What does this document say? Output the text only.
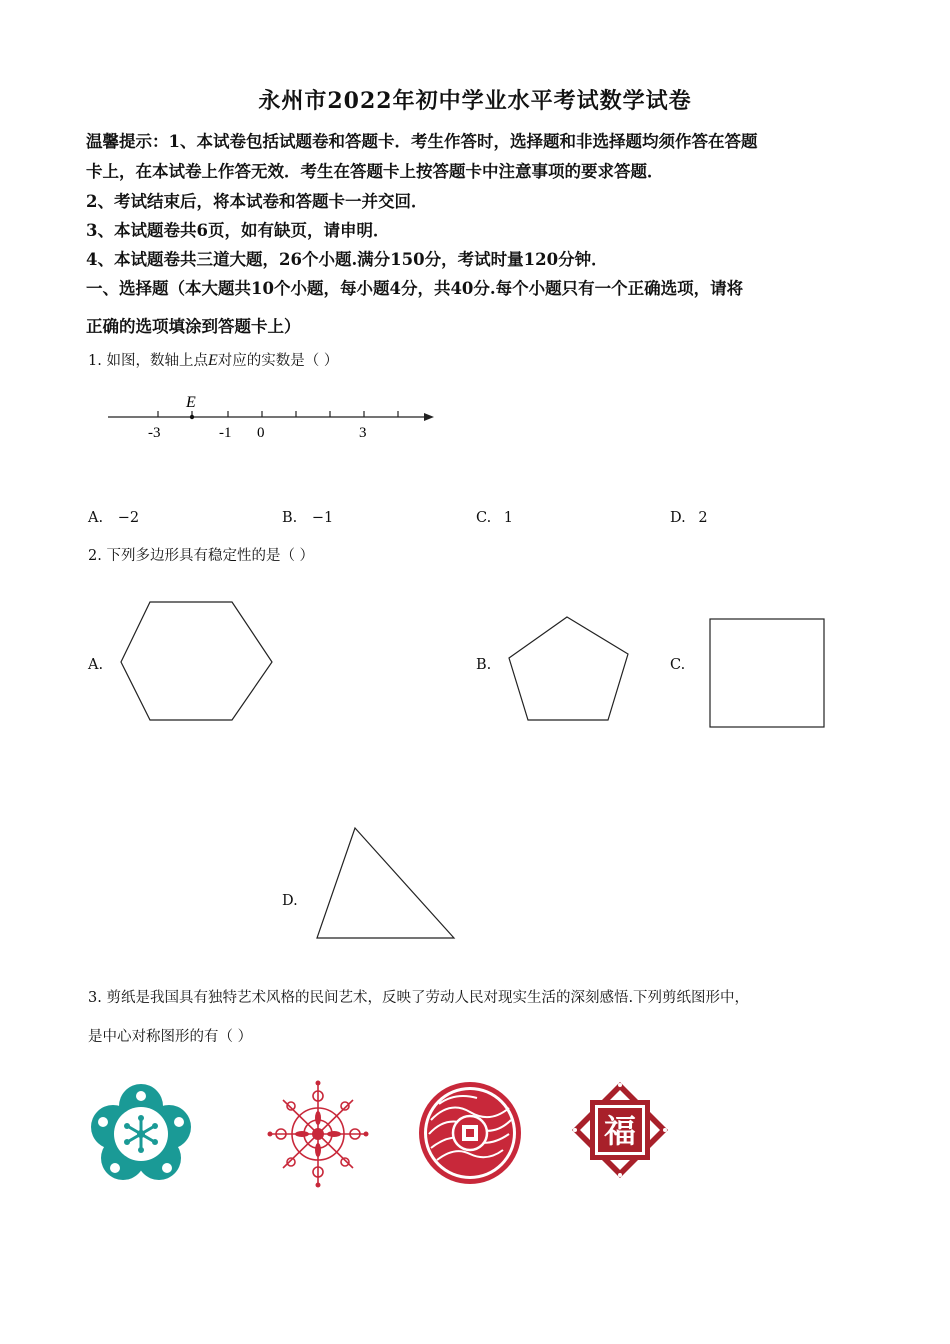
永州市2022年初中学业水平考试数学试卷
温馨提示：1、本试卷包括试题卷和答题卡．考生作答时，选择题和非选择题均须作答在答题
卡上，在本试卷上作答无效．考生在答题卡上按答题卡中注意事项的要求答题．
2、考试结束后，将本试卷和答题卡一并交回．
3、本试题卷共6页，如有缺页，请申明．
4、本试题卷共三道大题，26个小题.满分150分，考试时量120分钟．
一、选择题（本大题共10个小题，每小题4分，共40分.每个小题只有一个正确选项，请将
正确的选项填涂到答题卡上）
1. 如图，数轴上点E对应的实数是（ ）
E
-3	-1 0	3
A. −2	B. −1	C. 1	D. 2
2. 下列多边形具有稳定性的是（ ）
A.	B.	C.
D.
3. 剪纸是我国具有独特艺术风格的民间艺术，反映了劳动人民对现实生活的深刻感悟.下列剪纸图形中，
是中心对称图形的有（ ）
福
